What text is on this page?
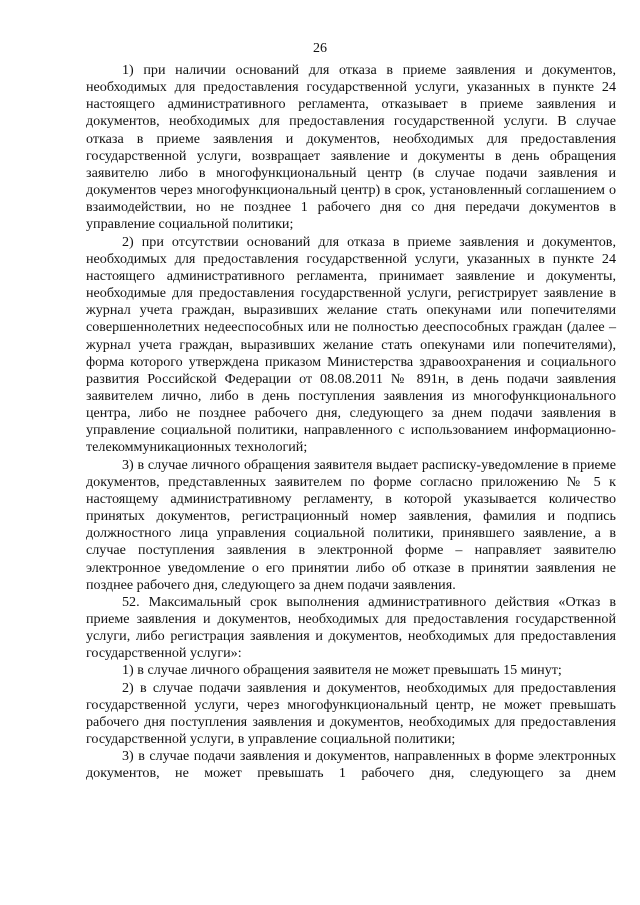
26

1) при наличии оснований для отказа в приеме заявления и документов, необходимых для предоставления государственной услуги, указанных в пункте 24 настоящего административного регламента, отказывает в приеме заявления и документов, необходимых для предоставления государственной услуги. В случае отказа в приеме заявления и документов, необходимых для предоставления государственной услуги, возвращает заявление и документы в день обращения заявителю либо в многофункциональный центр (в случае подачи заявления и документов через многофункциональный центр) в срок, установленный соглашением о взаимодействии, но не позднее 1 рабочего дня со дня передачи документов в управление социальной политики;

2) при отсутствии оснований для отказа в приеме заявления и документов, необходимых для предоставления государственной услуги, указанных в пункте 24 настоящего административного регламента, принимает заявление и документы, необходимые для предоставления государственной услуги, регистрирует заявление в журнал учета граждан, выразивших желание стать опекунами или попечителями совершеннолетних недееспособных или не полностью дееспособных граждан (далее – журнал учета граждан, выразивших желание стать опекунами или попечителями), форма которого утверждена приказом Министерства здравоохранения и социального развития Российской Федерации от 08.08.2011 № 891н, в день подачи заявления заявителем лично, либо в день поступления заявления из многофункционального центра, либо не позднее рабочего дня, следующего за днем подачи заявления в управление социальной политики, направленного с использованием информационно-телекоммуникационных технологий;

3) в случае личного обращения заявителя выдает расписку-уведомление в приеме документов, представленных заявителем по форме согласно приложению № 5 к настоящему административному регламенту, в которой указывается количество принятых документов, регистрационный номер заявления, фамилия и подпись должностного лица управления социальной политики, принявшего заявление, а в случае поступления заявления в электронной форме – направляет заявителю электронное уведомление о его принятии либо об отказе в принятии заявления не позднее рабочего дня, следующего за днем подачи заявления.

52. Максимальный срок выполнения административного действия «Отказ в приеме заявления и документов, необходимых для предоставления государственной услуги, либо регистрация заявления и документов, необходимых для предоставления государственной услуги»:

1) в случае личного обращения заявителя не может превышать 15 минут;

2) в случае подачи заявления и документов, необходимых для предоставления государственной услуги, через многофункциональный центр, не может превышать рабочего дня поступления заявления и документов, необходимых для предоставления государственной услуги, в управление социальной политики;

3) в случае подачи заявления и документов, направленных в форме электронных документов, не может превышать 1 рабочего дня, следующего за днем
